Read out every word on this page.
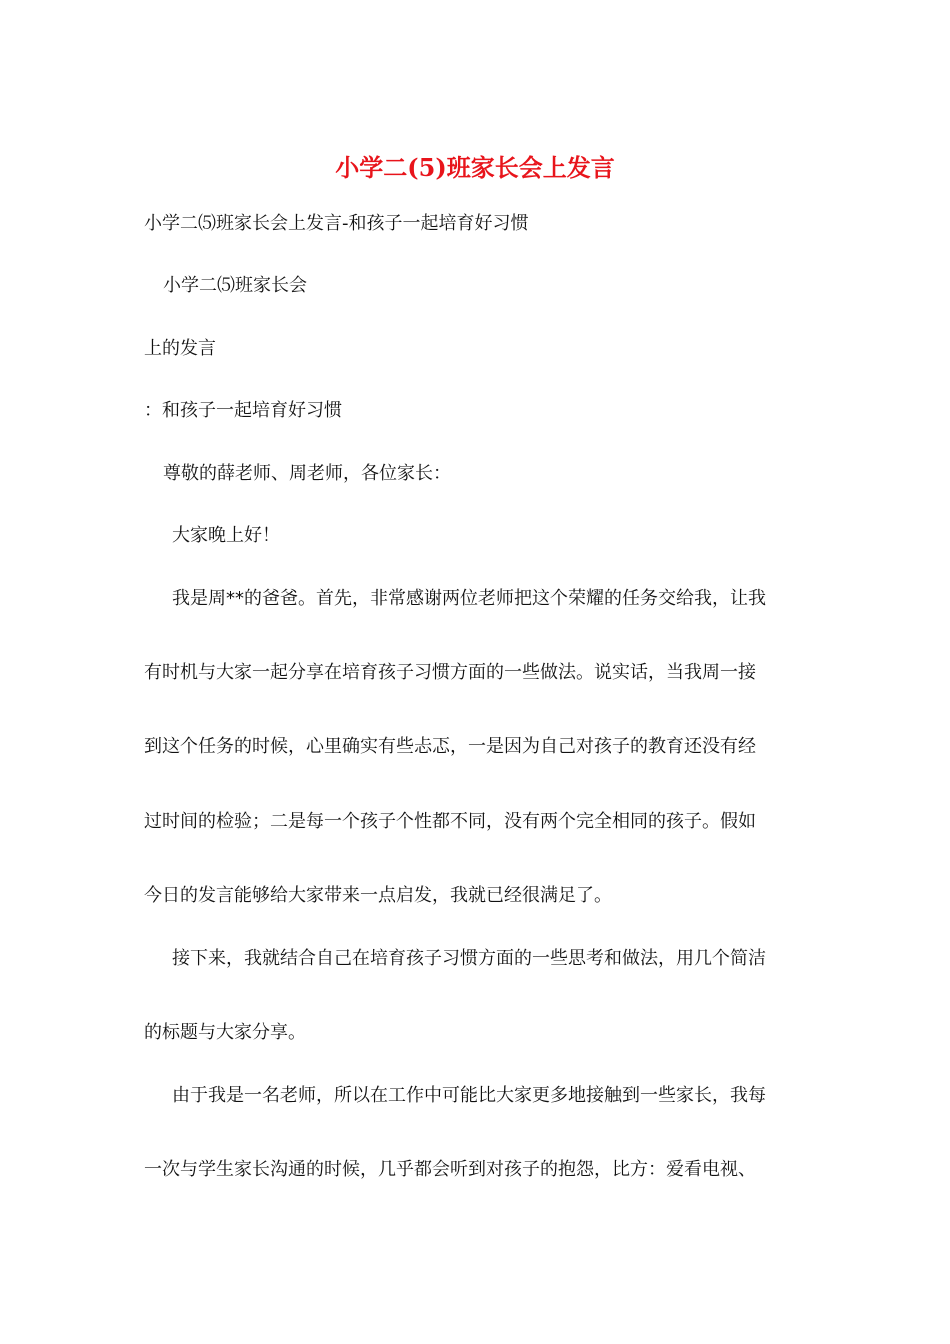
小学二(5)班家长会上发言
小学二⑸班家长会上发言-和孩子一起培育好习惯
小学二⑸班家长会
上的发言
：和孩子一起培育好习惯
尊敬的薛老师、周老师，各位家长：
大家晚上好！
我是周**的爸爸。首先，非常感谢两位老师把这个荣耀的任务交给我，让我
有时机与大家一起分享在培育孩子习惯方面的一些做法。说实话，当我周一接
到这个任务的时候，心里确实有些忐忑，一是因为自己对孩子的教育还没有经
过时间的检验；二是每一个孩子个性都不同，没有两个完全相同的孩子。假如
今日的发言能够给大家带来一点启发，我就已经很满足了。
接下来，我就结合自己在培育孩子习惯方面的一些思考和做法，用几个简洁
的标题与大家分享。
由于我是一名老师，所以在工作中可能比大家更多地接触到一些家长，我每
一次与学生家长沟通的时候，几乎都会听到对孩子的抱怨，比方：爱看电视、
